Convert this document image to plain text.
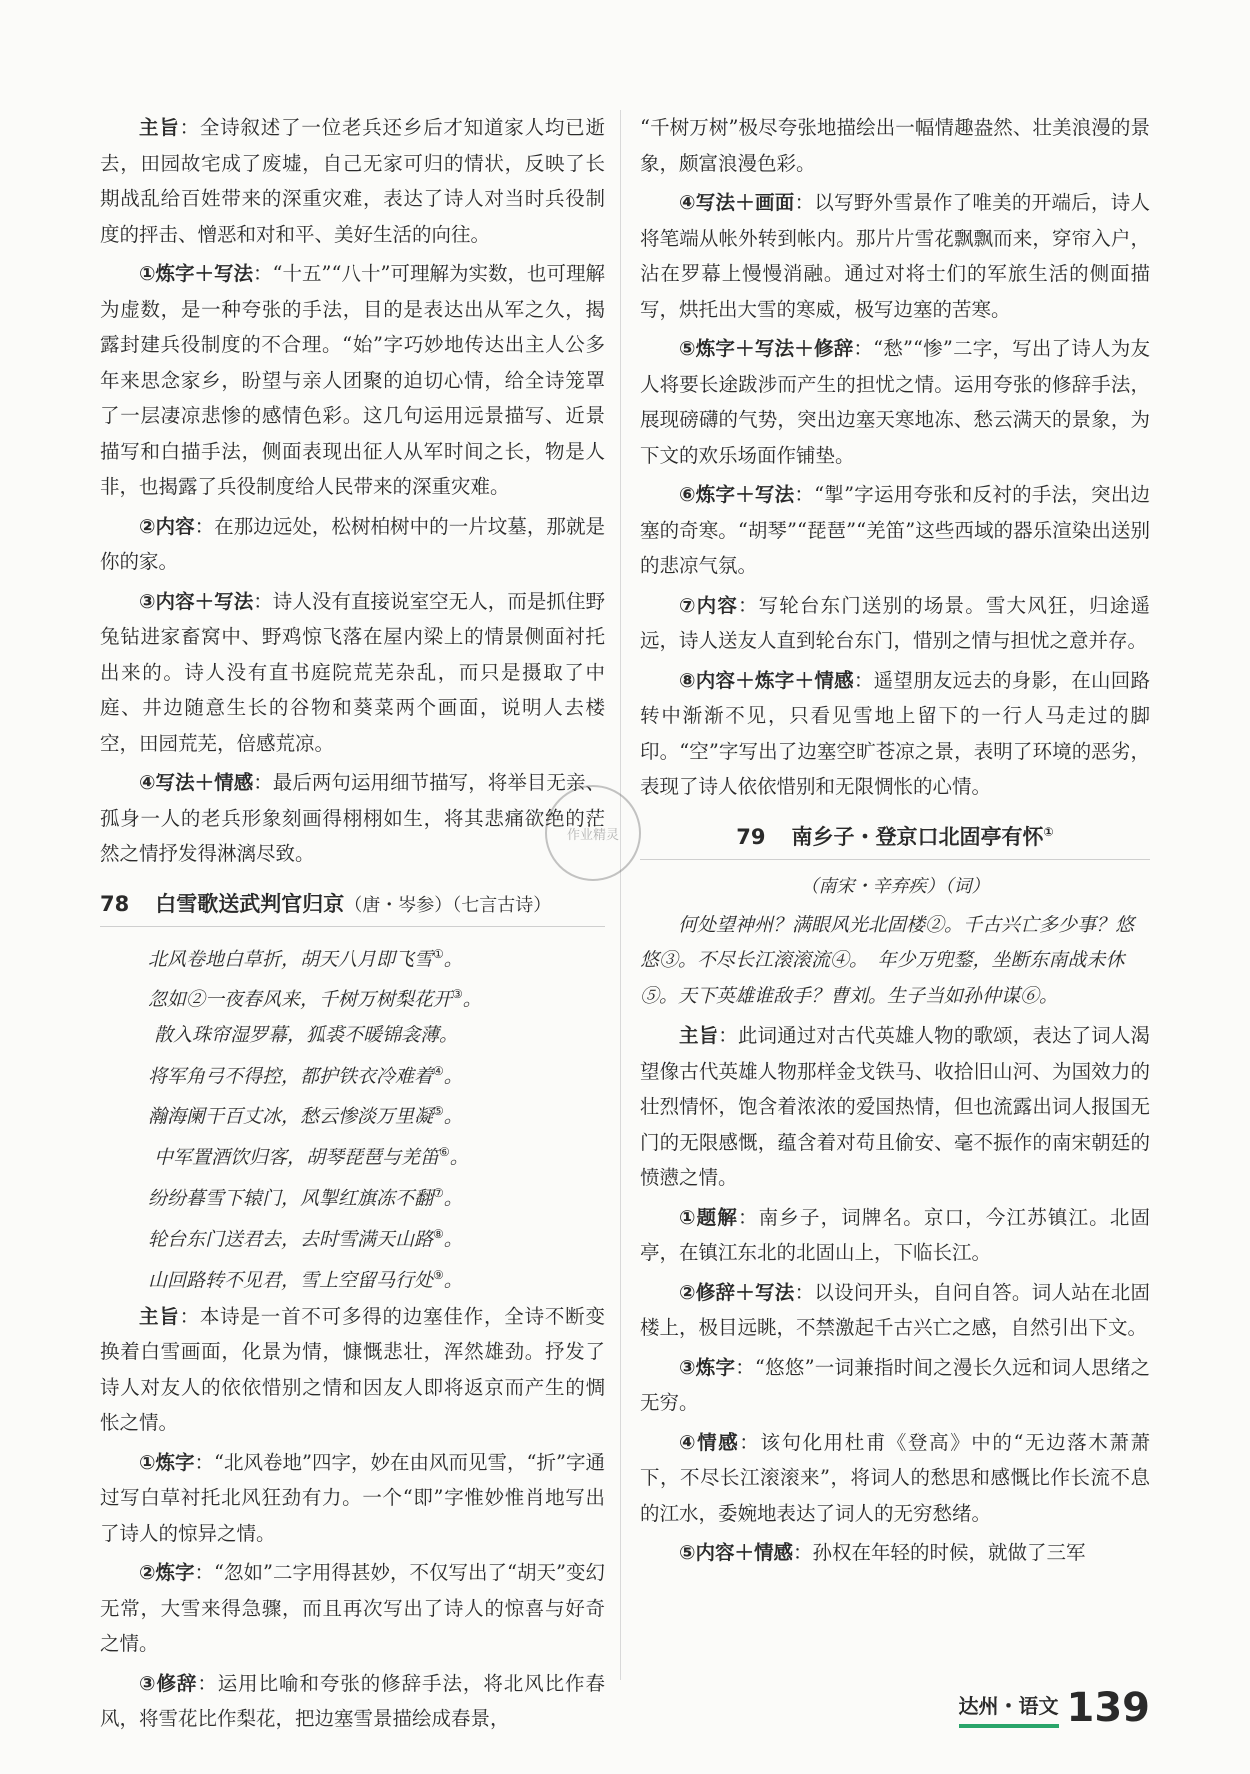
主旨：全诗叙述了一位老兵还乡后才知道家人均已逝去，田园故宅成了废墟，自己无家可归的情状，反映了长期战乱给百姓带来的深重灾难，表达了诗人对当时兵役制度的抨击、憎恶和对和平、美好生活的向往。

①炼字＋写法：“十五”“八十”可理解为实数，也可理解为虚数，是一种夸张的手法，目的是表达出从军之久，揭露封建兵役制度的不合理。“始”字巧妙地传达出主人公多年来思念家乡，盼望与亲人团聚的迫切心情，给全诗笼罩了一层凄凉悲惨的感情色彩。这几句运用远景描写、近景描写和白描手法，侧面表现出征人从军时间之长，物是人非，也揭露了兵役制度给人民带来的深重灾难。

②内容：在那边远处，松树柏树中的一片坟墓，那就是你的家。

③内容＋写法：诗人没有直接说室空无人，而是抓住野兔钻进家畜窝中、野鸡惊飞落在屋内梁上的情景侧面衬托出来的。诗人没有直书庭院荒芜杂乱，而只是摄取了中庭、井边随意生长的谷物和葵菜两个画面，说明人去楼空，田园荒芜，倍感荒凉。

④写法＋情感：最后两句运用细节描写，将举目无亲、孤身一人的老兵形象刻画得栩栩如生，将其悲痛欲绝的茫然之情抒发得淋漓尽致。

78 白雪歌送武判官归京（唐・岑参）（七言古诗）
北风卷地白草折，胡天八月即飞雪①。
忽如②一夜春风来，千树万树梨花开③。
散入珠帘湿罗幕，狐裘不暖锦衾薄。
将军角弓不得控，都护铁衣冷难着④。
瀚海阑干百丈冰，愁云惨淡万里凝⑤。
中军置酒饮归客，胡琴琵琶与羌笛⑥。
纷纷暮雪下辕门，风掣红旗冻不翻⑦。
轮台东门送君去，去时雪满天山路⑧。
山回路转不见君，雪上空留马行处⑨。

主旨：本诗是一首不可多得的边塞佳作，全诗不断变换着白雪画面，化景为情，慷慨悲壮，浑然雄劲。抒发了诗人对友人的依依惜别之情和因友人即将返京而产生的惆怅之情。

①炼字：“北风卷地”四字，妙在由风而见雪，“折”字通过写白草衬托北风狂劲有力。一个“即”字惟妙惟肖地写出了诗人的惊异之情。

②炼字：“忽如”二字用得甚妙，不仅写出了“胡天”变幻无常，大雪来得急骤，而且再次写出了诗人的惊喜与好奇之情。

③修辞：运用比喻和夸张的修辞手法，将北风比作春风，将雪花比作梨花，把边塞雪景描绘成春景，

“千树万树”极尽夸张地描绘出一幅情趣盎然、壮美浪漫的景象，颇富浪漫色彩。

④写法＋画面：以写野外雪景作了唯美的开端后，诗人将笔端从帐外转到帐内。那片片雪花飘飘而来，穿帘入户，沾在罗幕上慢慢消融。通过对将士们的军旅生活的侧面描写，烘托出大雪的寒威，极写边塞的苦寒。

⑤炼字＋写法＋修辞：“愁”“惨”二字，写出了诗人为友人将要长途跋涉而产生的担忧之情。运用夸张的修辞手法，展现磅礴的气势，突出边塞天寒地冻、愁云满天的景象，为下文的欢乐场面作铺垫。

⑥炼字＋写法：“掣”字运用夸张和反衬的手法，突出边塞的奇寒。“胡琴”“琵琶”“羌笛”这些西域的器乐渲染出送别的悲凉气氛。

⑦内容：写轮台东门送别的场景。雪大风狂，归途遥远，诗人送友人直到轮台东门，惜别之情与担忧之意并存。

⑧内容＋炼字＋情感：遥望朋友远去的身影，在山回路转中渐渐不见，只看见雪地上留下的一行人马走过的脚印。“空”字写出了边塞空旷苍凉之景，表明了环境的恶劣，表现了诗人依依惜别和无限惆怅的心情。

79 南乡子・登京口北固亭有怀①
（南宋・辛弃疾）（词）

何处望神州？满眼风光北固楼②。千古兴亡多少事？悠悠③。不尽长江滚滚流④。　年少万兜鍪，坐断东南战未休⑤。天下英雄谁敌手？曹刘。生子当如孙仲谋⑥。

主旨：此词通过对古代英雄人物的歌颂，表达了词人渴望像古代英雄人物那样金戈铁马、收拾旧山河、为国效力的壮烈情怀，饱含着浓浓的爱国热情，但也流露出词人报国无门的无限感慨，蕴含着对苟且偷安、毫不振作的南宋朝廷的愤懑之情。

①题解：南乡子，词牌名。京口，今江苏镇江。北固亭，在镇江东北的北固山上，下临长江。

②修辞＋写法：以设问开头，自问自答。词人站在北固楼上，极目远眺，不禁激起千古兴亡之感，自然引出下文。

③炼字：“悠悠”一词兼指时间之漫长久远和词人思绪之无穷。

④情感：该句化用杜甫《登高》中的“无边落木萧萧下，不尽长江滚滚来”，将词人的愁思和感慨比作长流不息的江水，委婉地表达了词人的无穷愁绪。

⑤内容＋情感：孙权在年轻的时候，就做了三军

作业精灵
达州・语文 139
